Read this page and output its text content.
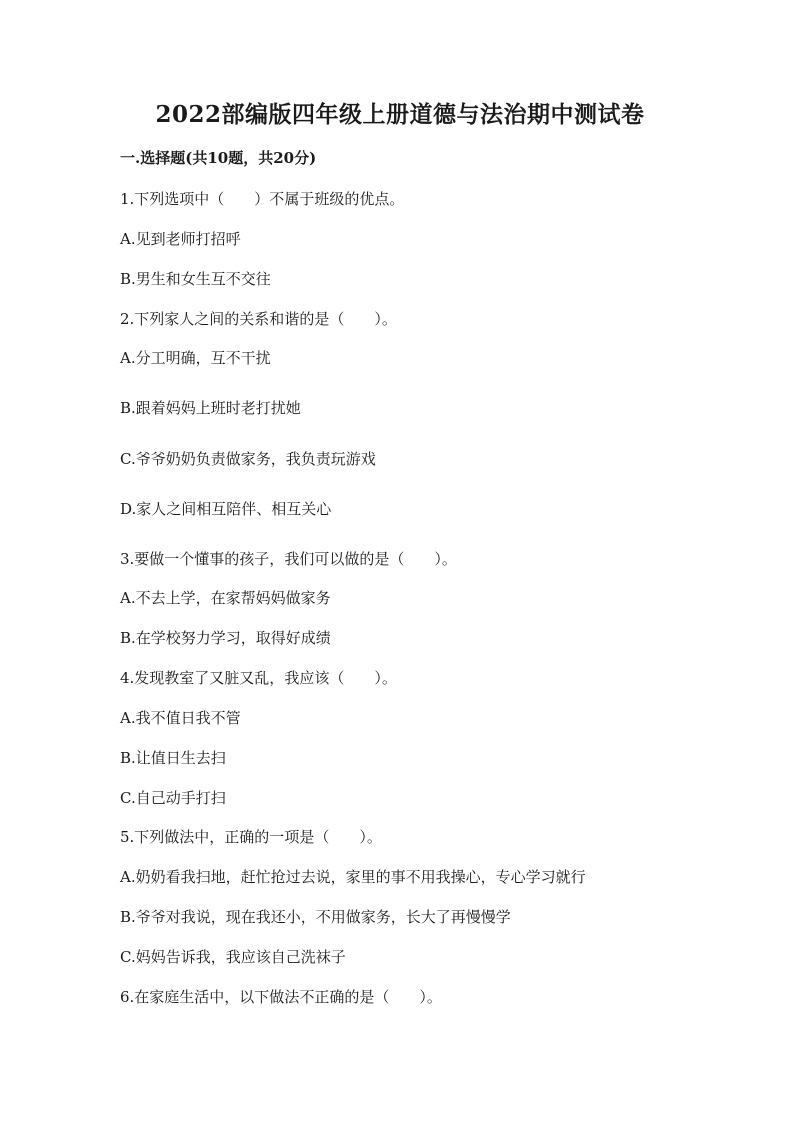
2022部编版四年级上册道德与法治期中测试卷
一.选择题(共10题，共20分)
1.下列选项中（　　）不属于班级的优点。
A.见到老师打招呼
B.男生和女生互不交往
2.下列家人之间的关系和谐的是（　　）。
A.分工明确，互不干扰
B.跟着妈妈上班时老打扰她
C.爷爷奶奶负责做家务，我负责玩游戏
D.家人之间相互陪伴、相互关心
3.要做一个懂事的孩子，我们可以做的是（　　）。
A.不去上学，在家帮妈妈做家务
B.在学校努力学习，取得好成绩
4.发现教室了又脏又乱，我应该（　　）。
A.我不值日我不管
B.让值日生去扫
C.自己动手打扫
5.下列做法中，正确的一项是（　　）。
A.奶奶看我扫地，赶忙抢过去说，家里的事不用我操心，专心学习就行
B.爷爷对我说，现在我还小，不用做家务，长大了再慢慢学
C.妈妈告诉我，我应该自己洗袜子
6.在家庭生活中，以下做法不正确的是（　　）。
